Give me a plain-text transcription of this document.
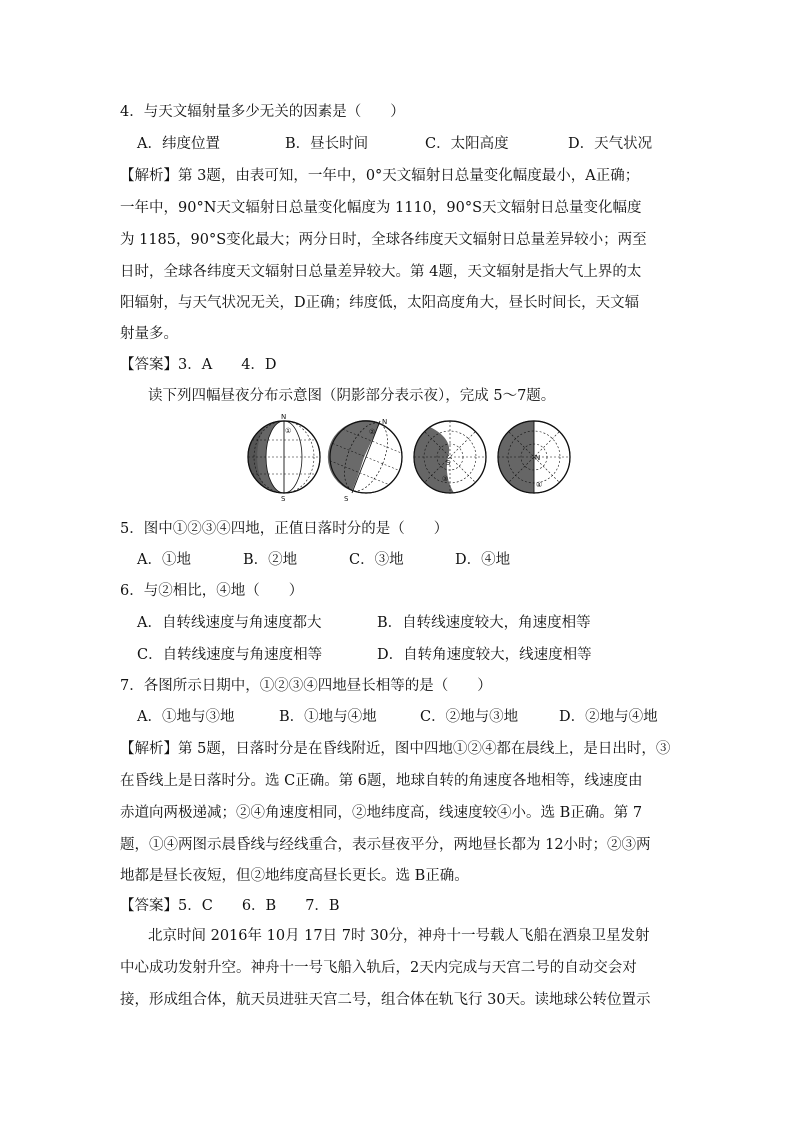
4．与天文辐射量多少无关的因素是（　　）
A．纬度位置	B．昼长时间	C．太阳高度	D．天气状况
【解析】第 3题，由表可知，一年中，0°天文辐射日总量变化幅度最小，A正确；
一年中，90°N天文辐射日总量变化幅度为 1110，90°S天文辐射日总量变化幅度
为 1185，90°S变化最大；两分日时，全球各纬度天文辐射日总量差异较小；两至
日时，全球各纬度天文辐射日总量差异较大。第 4题，天文辐射是指大气上界的太
阳辐射，与天气状况无关，D正确；纬度低，太阳高度角大，昼长时间长，天文辐
射量多。
【答案】3．A　　4．D
读下列四幅昼夜分布示意图（阴影部分表示夜），完成 5～7题。
N
S
①
N
S
②
S
③
N
④
5．图中①②③④四地，正值日落时分的是（　　）
A．①地	B．②地	C．③地	D．④地
6．与②相比，④地（　　）
A．自转线速度与角速度都大	B．自转线速度较大，角速度相等
C．自转线速度与角速度相等	D．自转角速度较大，线速度相等
7．各图所示日期中，①②③④四地昼长相等的是（　　）
A．①地与③地	B．①地与④地	C．②地与③地	D．②地与④地
【解析】第 5题，日落时分是在昏线附近，图中四地①②④都在晨线上，是日出时，③
在昏线上是日落时分。选 C正确。第 6题，地球自转的角速度各地相等，线速度由
赤道向两极递减；②④角速度相同，②地纬度高，线速度较④小。选 B正确。第 7
题，①④两图示晨昏线与经线重合，表示昼夜平分，两地昼长都为 12小时；②③两
地都是昼长夜短，但②地纬度高昼长更长。选 B正确。
【答案】5．C　　6．B　　7．B
北京时间 2016年 10月 17日 7时 30分，神舟十一号载人飞船在酒泉卫星发射
中心成功发射升空。神舟十一号飞船入轨后，2天内完成与天宫二号的自动交会对
接，形成组合体，航天员进驻天宫二号，组合体在轨飞行 30天。读地球公转位置示
